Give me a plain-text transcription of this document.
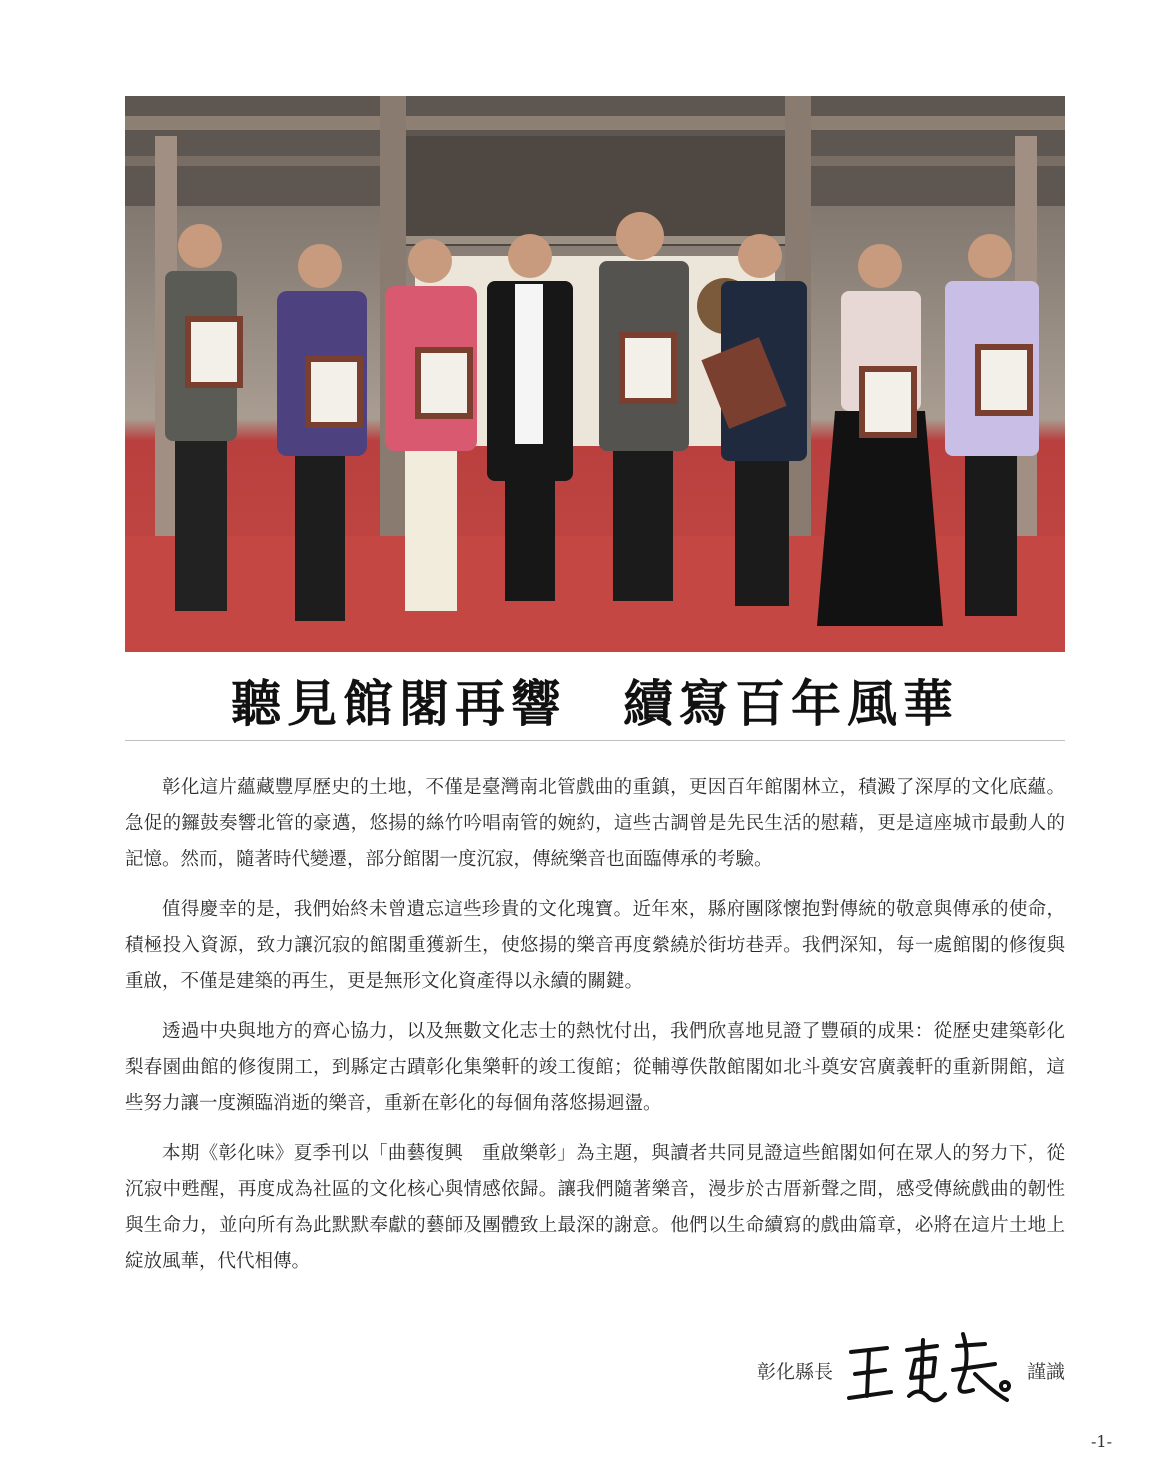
聽見館閣再響　續寫百年風華

彰化這片蘊藏豐厚歷史的土地，不僅是臺灣南北管戲曲的重鎮，更因百年館閣林立，積澱了深厚的文化底蘊。急促的鑼鼓奏響北管的豪邁，悠揚的絲竹吟唱南管的婉約，這些古調曾是先民生活的慰藉，更是這座城市最動人的記憶。然而，隨著時代變遷，部分館閣一度沉寂，傳統樂音也面臨傳承的考驗。

值得慶幸的是，我們始終未曾遺忘這些珍貴的文化瑰寶。近年來，縣府團隊懷抱對傳統的敬意與傳承的使命，積極投入資源，致力讓沉寂的館閣重獲新生，使悠揚的樂音再度縈繞於街坊巷弄。我們深知，每一處館閣的修復與重啟，不僅是建築的再生，更是無形文化資產得以永續的關鍵。

透過中央與地方的齊心協力，以及無數文化志士的熱忱付出，我們欣喜地見證了豐碩的成果：從歷史建築彰化梨春園曲館的修復開工，到縣定古蹟彰化集樂軒的竣工復館；從輔導佚散館閣如北斗奠安宮廣義軒的重新開館，這些努力讓一度瀕臨消逝的樂音，重新在彰化的每個角落悠揚迴盪。

本期《彰化味》夏季刊以「曲藝復興　重啟樂彰」為主題，與讀者共同見證這些館閣如何在眾人的努力下，從沉寂中甦醒，再度成為社區的文化核心與情感依歸。讓我們隨著樂音，漫步於古厝新聲之間，感受傳統戲曲的韌性與生命力，並向所有為此默默奉獻的藝師及團體致上最深的謝意。他們以生命續寫的戲曲篇章，必將在這片土地上綻放風華，代代相傳。

彰化縣長	謹識
-1-
